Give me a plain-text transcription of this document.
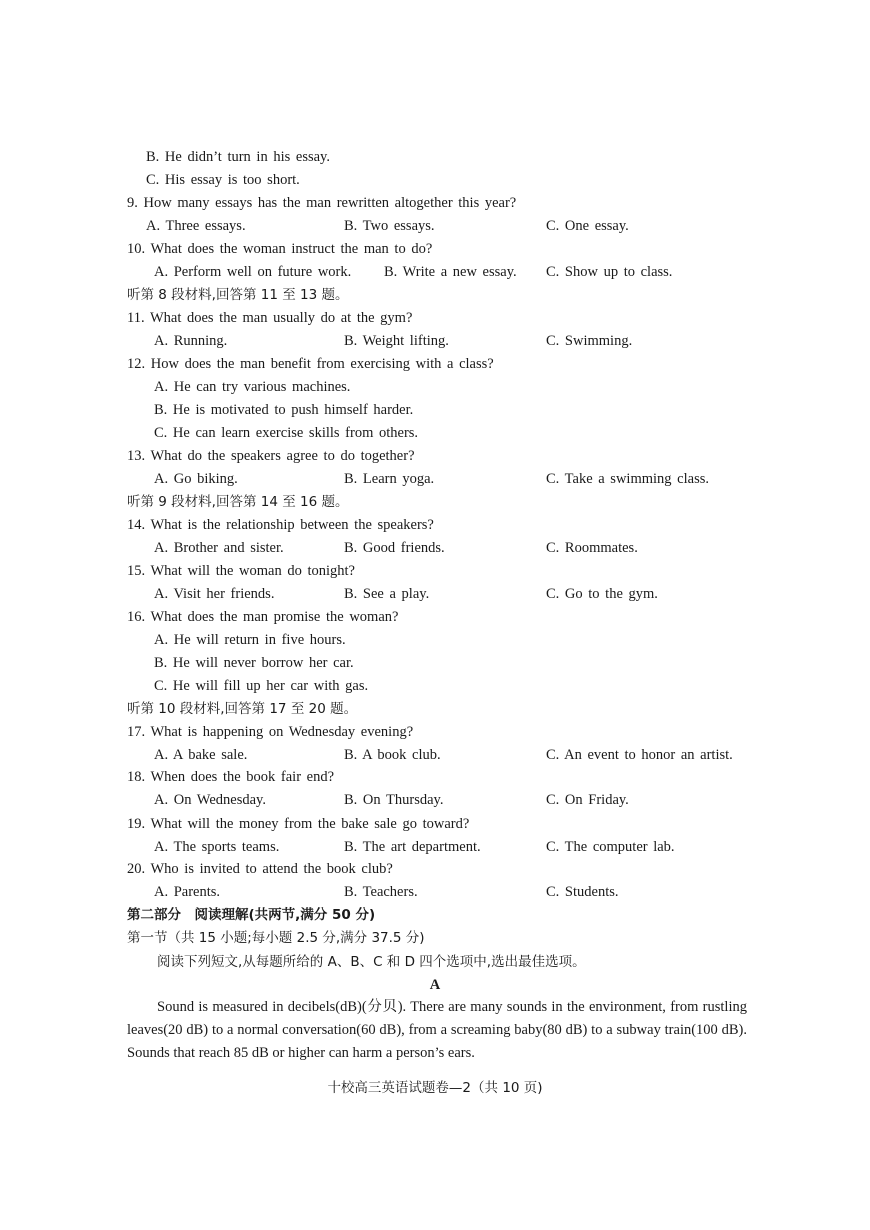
B. He didn’t turn in his essay.
C. His essay is too short.
9. How many essays has the man rewritten altogether this year?
A. Three essays.	B. Two essays.	C. One essay.
10. What does the woman instruct the man to do?
A. Perform well on future work. B. Write a new essay. C. Show up to class.
听第 8 段材料,回答第 11 至 13 题。
11. What does the man usually do at the gym?
A. Running.	B. Weight lifting.	C. Swimming.
12. How does the man benefit from exercising with a class?
A. He can try various machines.
B. He is motivated to push himself harder.
C. He can learn exercise skills from others.
13. What do the speakers agree to do together?
A. Go biking.	B. Learn yoga.	C. Take a swimming class.
听第 9 段材料,回答第 14 至 16 题。
14. What is the relationship between the speakers?
A. Brother and sister.	B. Good friends.	C. Roommates.
15. What will the woman do tonight?
A. Visit her friends.	B. See a play.	C. Go to the gym.
16. What does the man promise the woman?
A. He will return in five hours.
B. He will never borrow her car.
C. He will fill up her car with gas.
听第 10 段材料,回答第 17 至 20 题。
17. What is happening on Wednesday evening?
A. A bake sale.	B. A book club.	C. An event to honor an artist.
18. When does the book fair end?
A. On Wednesday.	B. On Thursday.	C. On Friday.
19. What will the money from the bake sale go toward?
A. The sports teams.	B. The art department.	C. The computer lab.
20. Who is invited to attend the book club?
A. Parents.	B. Teachers.	C. Students.
第二部分　阅读理解(共两节,满分 50 分)
第一节（共 15 小题;每小题 2.5 分,满分 37.5 分)
阅读下列短文,从每题所给的 A、B、C 和 D 四个选项中,选出最佳选项。
A
Sound is measured in decibels(dB)(分贝). There are many sounds in the environment, from rustling leaves(20 dB) to a normal conversation(60 dB), from a screaming baby(80 dB) to a subway train(100 dB). Sounds that reach 85 dB or higher can harm a person’s ears.
十校高三英语试题卷—2（共 10 页)
